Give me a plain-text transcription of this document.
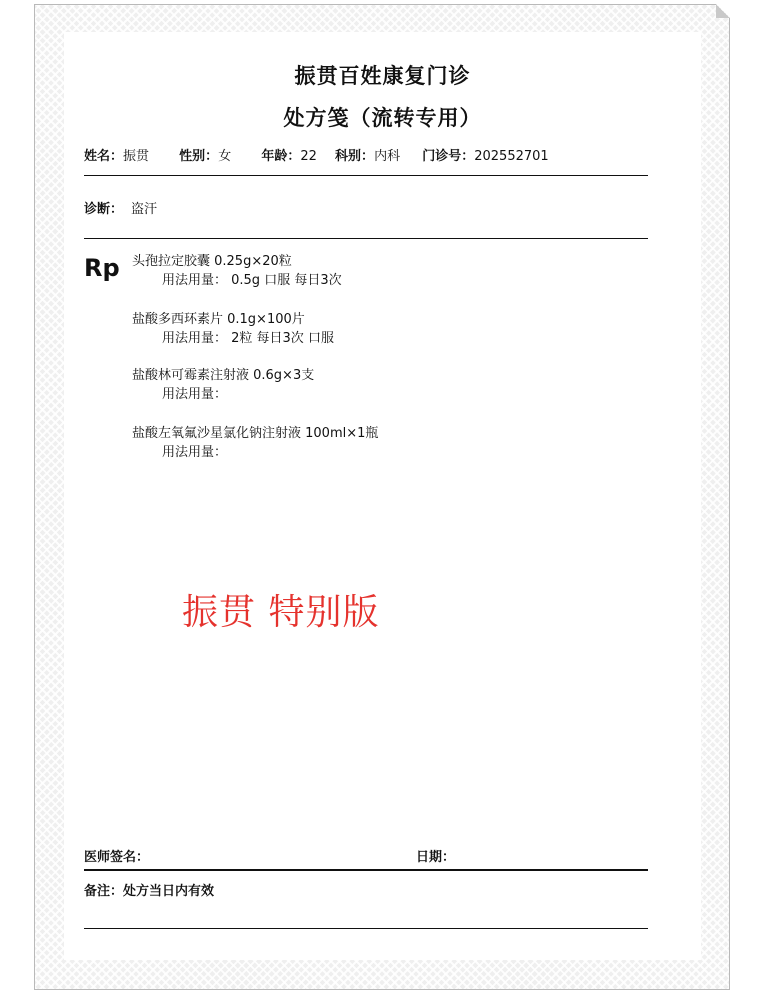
振贯百姓康复门诊
处方笺（流转专用）
姓名：振贯 性别：女 年龄：22 科别：内科 门诊号：202552701
诊断： 盗汗
Rp 头孢拉定胶囊 0.25g×20粒
用法用量： 0.5g 口服 每日3次
盐酸多西环素片 0.1g×100片
用法用量： 2粒 每日3次 口服
盐酸林可霉素注射液 0.6g×3支
用法用量：
盐酸左氧氟沙星氯化钠注射液 100ml×1瓶
用法用量：
振贯 特别版
医师签名：	日期：
备注：处方当日内有效
